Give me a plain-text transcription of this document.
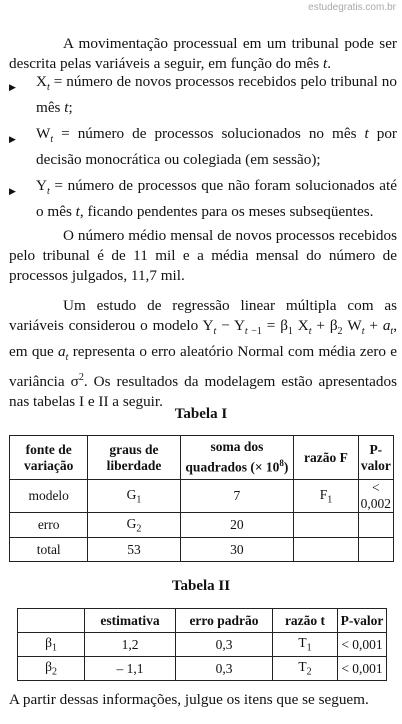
estudegratis.com.br
A movimentação processual em um tribunal pode ser descrita pelas variáveis a seguir, em função do mês t.
▶ $X_t$ = número de novos processos recebidos pelo tribunal no mês t;
▶ $W_t$ = número de processos solucionados no mês t por decisão monocrática ou colegiada (em sessão);
▶ $Y_t$ = número de processos que não foram solucionados até o mês t, ficando pendentes para os meses subseqüentes.
O número médio mensal de novos processos recebidos pelo tribunal é de 11 mil e a média mensal do número de processos julgados, 11,7 mil.
Um estudo de regressão linear múltipla com as variáveis considerou o modelo $Y_t - Y_{t -1} = \beta_1$ $X_t + \beta_2$ $W_t + a_t$, em que $a_t$ representa o erro aleatório Normal com média zero e variância $\sigma^2$. Os resultados da modelagem estão apresentados nas tabelas I e II a seguir.
Tabela I
fonte de variação	graus de liberdade	soma dos quadrados (× $10^8$)	razão F	P-valor
modelo	$G_1$	7	$F_1$	< 0,002
erro	$G_2$	20		
total	53	30		
Tabela II
	estimativa	erro padrão	razão t	P-valor
$\beta_1$	1,2	0,3	$T_1$	< 0,001
$\beta_2$	– 1,1	0,3	$T_2$	< 0,001
A partir dessas informações, julgue os itens que se seguem.
